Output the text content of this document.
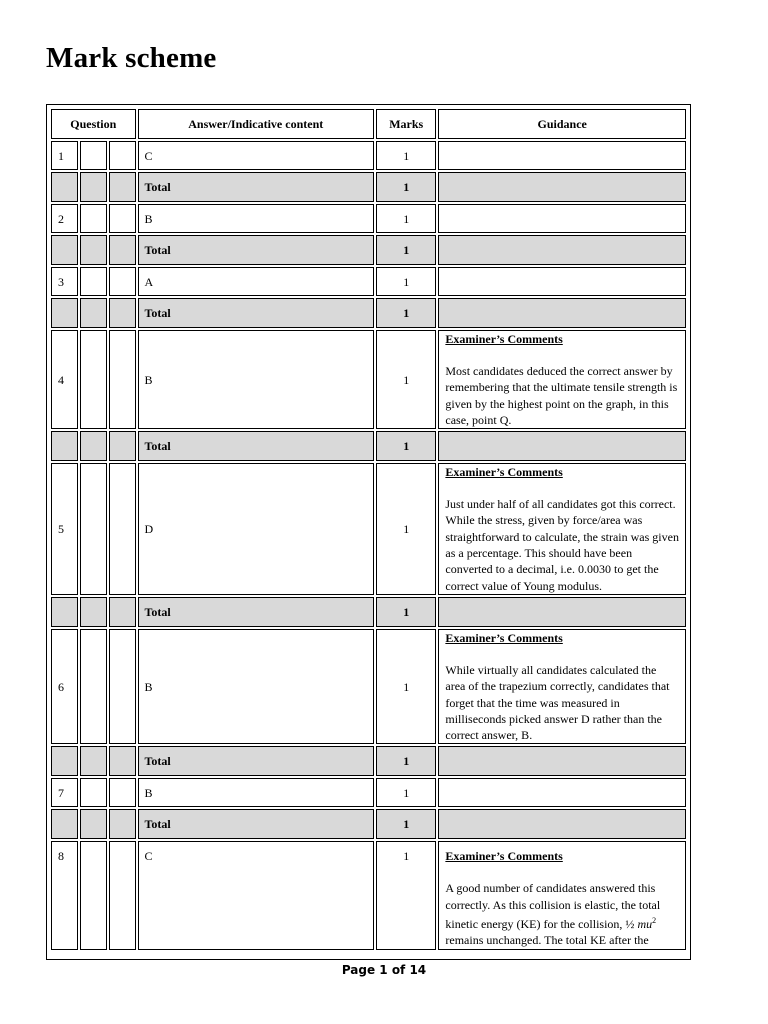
Mark scheme
Question			Answer/Indicative content	Marks	Guidance
1			C	1	
			Total	1	
2			B	1	
			Total	1	
3			A	1	
			Total	1	
4			B	1	Examiner’s Comments
Most candidates deduced the correct answer by remembering that the ultimate tensile strength is given by the highest point on the graph, in this case, point Q.

			Total	1	
5			D	1	Examiner’s Comments
Just under half of all candidates got this correct. While the stress, given by force/area was straightforward to calculate, the strain was given as a percentage. This should have been converted to a decimal, i.e. 0.0030 to get the correct value of Young modulus.

			Total	1	
6			B	1	Examiner’s Comments
While virtually all candidates calculated the area of the trapezium correctly, candidates that forget that the time was measured in milliseconds picked answer D rather than the correct answer, B.

			Total	1	
7			B	1	
			Total	1	
8			C	1	Examiner’s Comments
A good number of candidates answered this correctly. As this collision is elastic, the total kinetic energy (KE) for the collision, ½ $mu^2$ remains unchanged. The total KE after the
Page 1 of 14
